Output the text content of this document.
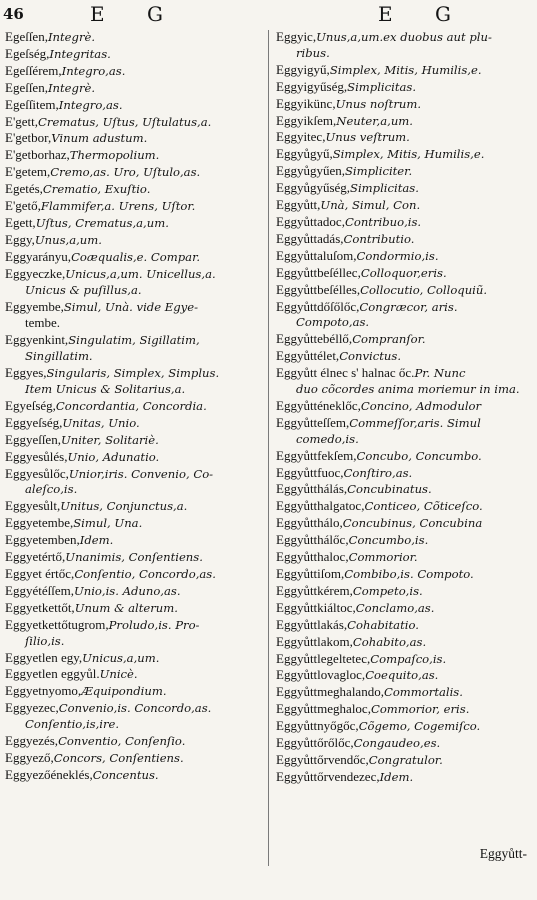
46	E G	E G

Egeſſen,Integrè.

Egeſség,Integritas.

Egeſſérem,Integro,as.

Egeſſen,Integrè.

Egeſſitem,Integro,as.

E'gett,Crematus, Uſtus, Uſtulatus,a.

E'getbor,Vinum adustum.

E'getborhaz,Thermopolium.

E'getem,Cremo,as. Uro, Uſtulo,as.

Egetés,Crematio, Exuſtio.

E'gető,Flammifer,a. Urens, Uſtor.

Egett,Uſtus, Crematus,a,um.

Eggy,Unus,a,um.

Eggyarányu,Coæqualis,e. Compar.

Eggyeczke,Unicus,a,um. Unicellus,a.

Unicus & puſillus,a.

Eggyembe,Simul, Unà. vide Egye-

tembe.

Eggyenkint,Singulatim, Sigillatim,

Singillatim.

Eggyes,Singularis, Simplex, Simplus.

Item Unicus & Solitarius,a.

Egyeſség,Concordantia, Concordia.

Eggyeſség,Unitas, Unio.

Eggyeſſen,Uniter, Solitariè.

Eggyesůlés,Unio, Adunatio.

Eggyesůlőc,Unior,iris. Convenio, Co-

aleſco,is.

Eggyesůlt,Unitus, Conjunctus,a.

Eggyetembe,Simul, Una.

Eggyetemben,Idem.

Eggyetértő,Unanimis, Conſentiens.

Eggyet értőc,Conſentio, Concordo,as.

Eggyétéſſem,Unio,is. Aduno,as.

Eggyetkettőt,Unum & alterum.

Eggyetkettőtugrom,Proludo,is. Pro-

ſilio,is.

Eggyetlen egy,Unicus,a,um.

Eggyetlen eggyůl.Unicè.

Eggyetnyomo,Æquipondium.

Eggyezec,Convenio,is. Concordo,as.

Conſentio,is,ire.

Eggyezés,Conventio, Conſenſio.

Eggyező,Concors, Conſentiens.

Eggyezőéneklés,Concentus.

Eggyic,Unus,a,um.ex duobus aut plu-

ribus.

Eggyigyű,Simplex, Mitis, Humilis,e.

Eggyigyűség,Simplicitas.

Eggyikünc,Unus noſtrum.

Eggyikſem,Neuter,a,um.

Eggyitec,Unus veſtrum.

Eggyůgyű,Simplex, Mitis, Humilis,e.

Eggyůgyűen,Simpliciter.

Eggyůgyűség,Simplicitas.

Eggyůtt,Unà, Simul, Con.

Eggyůttadoc,Contribuo,is.

Eggyůttadás,Contributio.

Eggyůttaluſom,Condormio,is.

Eggyůttbeſéllec,Colloquor,eris.

Eggyůttbeſélles,Collocutio, Colloquiũ.

Eggyůttdőſőlőc,Congræcor, aris.

Compoto,as.

Eggyůttebéllő,Compranſor.

Eggyůttélet,Convictus.

Eggyůtt élnec s' halnac őc.Pr. Nunc

duo cõcordes anima moriemur in ima.

Eggyůtténeklőc,Concino, Admodulor

Eggyůtteſſem,Commeſſor,aris. Simul

comedo,is.

Eggyůttfekſem,Concubo, Concumbo.

Eggyůttfuoc,Conſtiro,as.

Eggyůtthálás,Concubinatus.

Eggyůtthalgatoc,Conticeo, Cõticeſco.

Eggyůtthálo,Concubinus, Concubina

Eggyůtthálőc,Concumbo,is.

Eggyůtthaloc,Commorior.

Eggyůttiſom,Combibo,is. Compoto.

Eggyůttkérem,Competo,is.

Eggyůttkiáltoc,Conclamo,as.

Eggyůttlakás,Cohabitatio.

Eggyůttlakom,Cohabito,as.

Eggyůttlegeltetec,Compaſco,is.

Eggyůttlovagloc,Coequito,as.

Eggyůttmeghalando,Commortalis.

Eggyůttmeghaloc,Commorior, eris.

Eggyůttnyőgőc,Cõgemo, Cogemiſco.

Eggyůttőrőlőc,Congaudeo,es.

Eggyůttőrvendőc,Congratulor.

Eggyůttőrvendezec,Idem.

Eggyůtt-
